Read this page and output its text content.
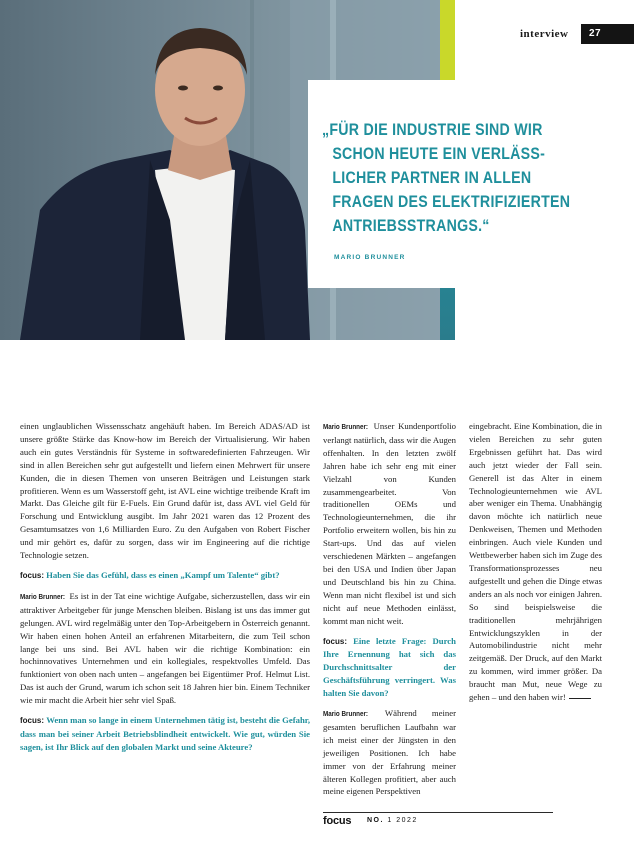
interview	27
„FÜR DIE INDUSTRIE SIND WIR
SCHON HEUTE EIN VERLÄSS-
LICHER PARTNER IN ALLEN
FRAGEN DES ELEKTRIFIZIERTEN
ANTRIEBSSTRANGS.“
MARIO BRUNNER

einen unglaublichen Wissensschatz angehäuft haben. Im Bereich ADAS/AD ist unsere größte Stärke das Know-how im Bereich der Virtualisierung. Wir haben auch ein gutes Verständnis für Systeme in softwaredefinierten Fahrzeugen. Wir sind in allen Bereichen sehr gut aufgestellt und liefern einen Mehrwert für unsere Kunden, die in diesen Themen von unseren Beiträgen und Leistungen stark profitieren. Wenn es um Wasserstoff geht, ist AVL eine wichtige treibende Kraft im Markt. Das Gleiche gilt für E-Fuels. Ein Grund dafür ist, dass AVL viel Geld für Forschung und Entwicklung ausgibt. Im Jahr 2021 waren das 12 Prozent des Gesamtumsatzes von 1,6 Milliarden Euro. Zu den Aufgaben von Robert Fischer und mir gehört es, dafür zu sorgen, dass wir im Engineering auf die richtige Technologie setzen.

focus: Haben Sie das Gefühl, dass es einen „Kampf um Talente“ gibt?

Mario Brunner: Es ist in der Tat eine wichtige Aufgabe, sicherzustellen, dass wir ein attraktiver Arbeitgeber für junge Menschen bleiben. Bislang ist uns das immer gut gelungen. AVL wird regelmäßig unter den Top-Arbeitgebern in Österreich genannt. Wir haben einen hohen Anteil an erfahrenen Mitarbeitern, die zum Teil schon lange bei uns sind. Bei AVL haben wir die richtige Kombination: ein hochinnovatives Unternehmen und ein kollegiales, respektvolles Umfeld. Das funktioniert von oben nach unten – angefangen bei Eigentümer Prof. Helmut List. Das ist auch der Grund, warum ich schon seit 18 Jahren hier bin. Einem Techniker wie mir macht die Arbeit hier sehr viel Spaß.

focus: Wenn man so lange in einem Unternehmen tätig ist, besteht die Gefahr, dass man bei seiner Arbeit Betriebsblindheit entwickelt. Wie gut, würden Sie sagen, ist Ihr Blick auf den globalen Markt und seine Akteure?

Mario Brunner: Unser Kundenportfolio verlangt natürlich, dass wir die Augen offenhalten. In den letzten zwölf Jahren habe ich sehr eng mit einer Vielzahl von Kunden zusammengearbeitet. Von traditionellen OEMs und Technologieunternehmen, die ihr Portfolio erweitern wollen, bis hin zu Start-ups. Und das auf vielen verschiedenen Märkten – angefangen bei den USA und Indien über Japan und Deutschland bis hin zu China. Wenn man nicht flexibel ist und sich nicht auf neue Methoden einlässt, kommt man nicht weit.

focus: Eine letzte Frage: Durch Ihre Ernennung hat sich das Durchschnittsalter der Geschäftsführung verringert. Was halten Sie davon?

Mario Brunner: Während meiner gesamten beruflichen Laufbahn war ich meist einer der Jüngsten in den jeweiligen Positionen. Ich habe immer von der Erfahrung meiner älteren Kollegen profitiert, aber auch meine eigenen Perspektiven

eingebracht. Eine Kombination, die in vielen Bereichen zu sehr guten Ergebnissen geführt hat. Das wird auch jetzt wieder der Fall sein. Generell ist das Alter in einem Technologieunternehmen wie AVL aber weniger ein Thema. Unabhängig davon möchte ich natürlich neue Denkweisen, Themen und Methoden einbringen. Auch viele Kunden und Wettbewerber haben sich im Zuge des Transformationsprozesses neu aufgestellt und gehen die Dinge etwas anders an als noch vor einigen Jahren. So sind beispielsweise die traditionellen mehrjährigen Entwicklungszyklen in der Automobilindustrie nicht mehr zeitgemäß. Der Druck, auf den Markt zu kommen, wird immer größer. Da braucht man Mut, neue Wege zu gehen – und den haben wir!

focus NO. 1 2022
